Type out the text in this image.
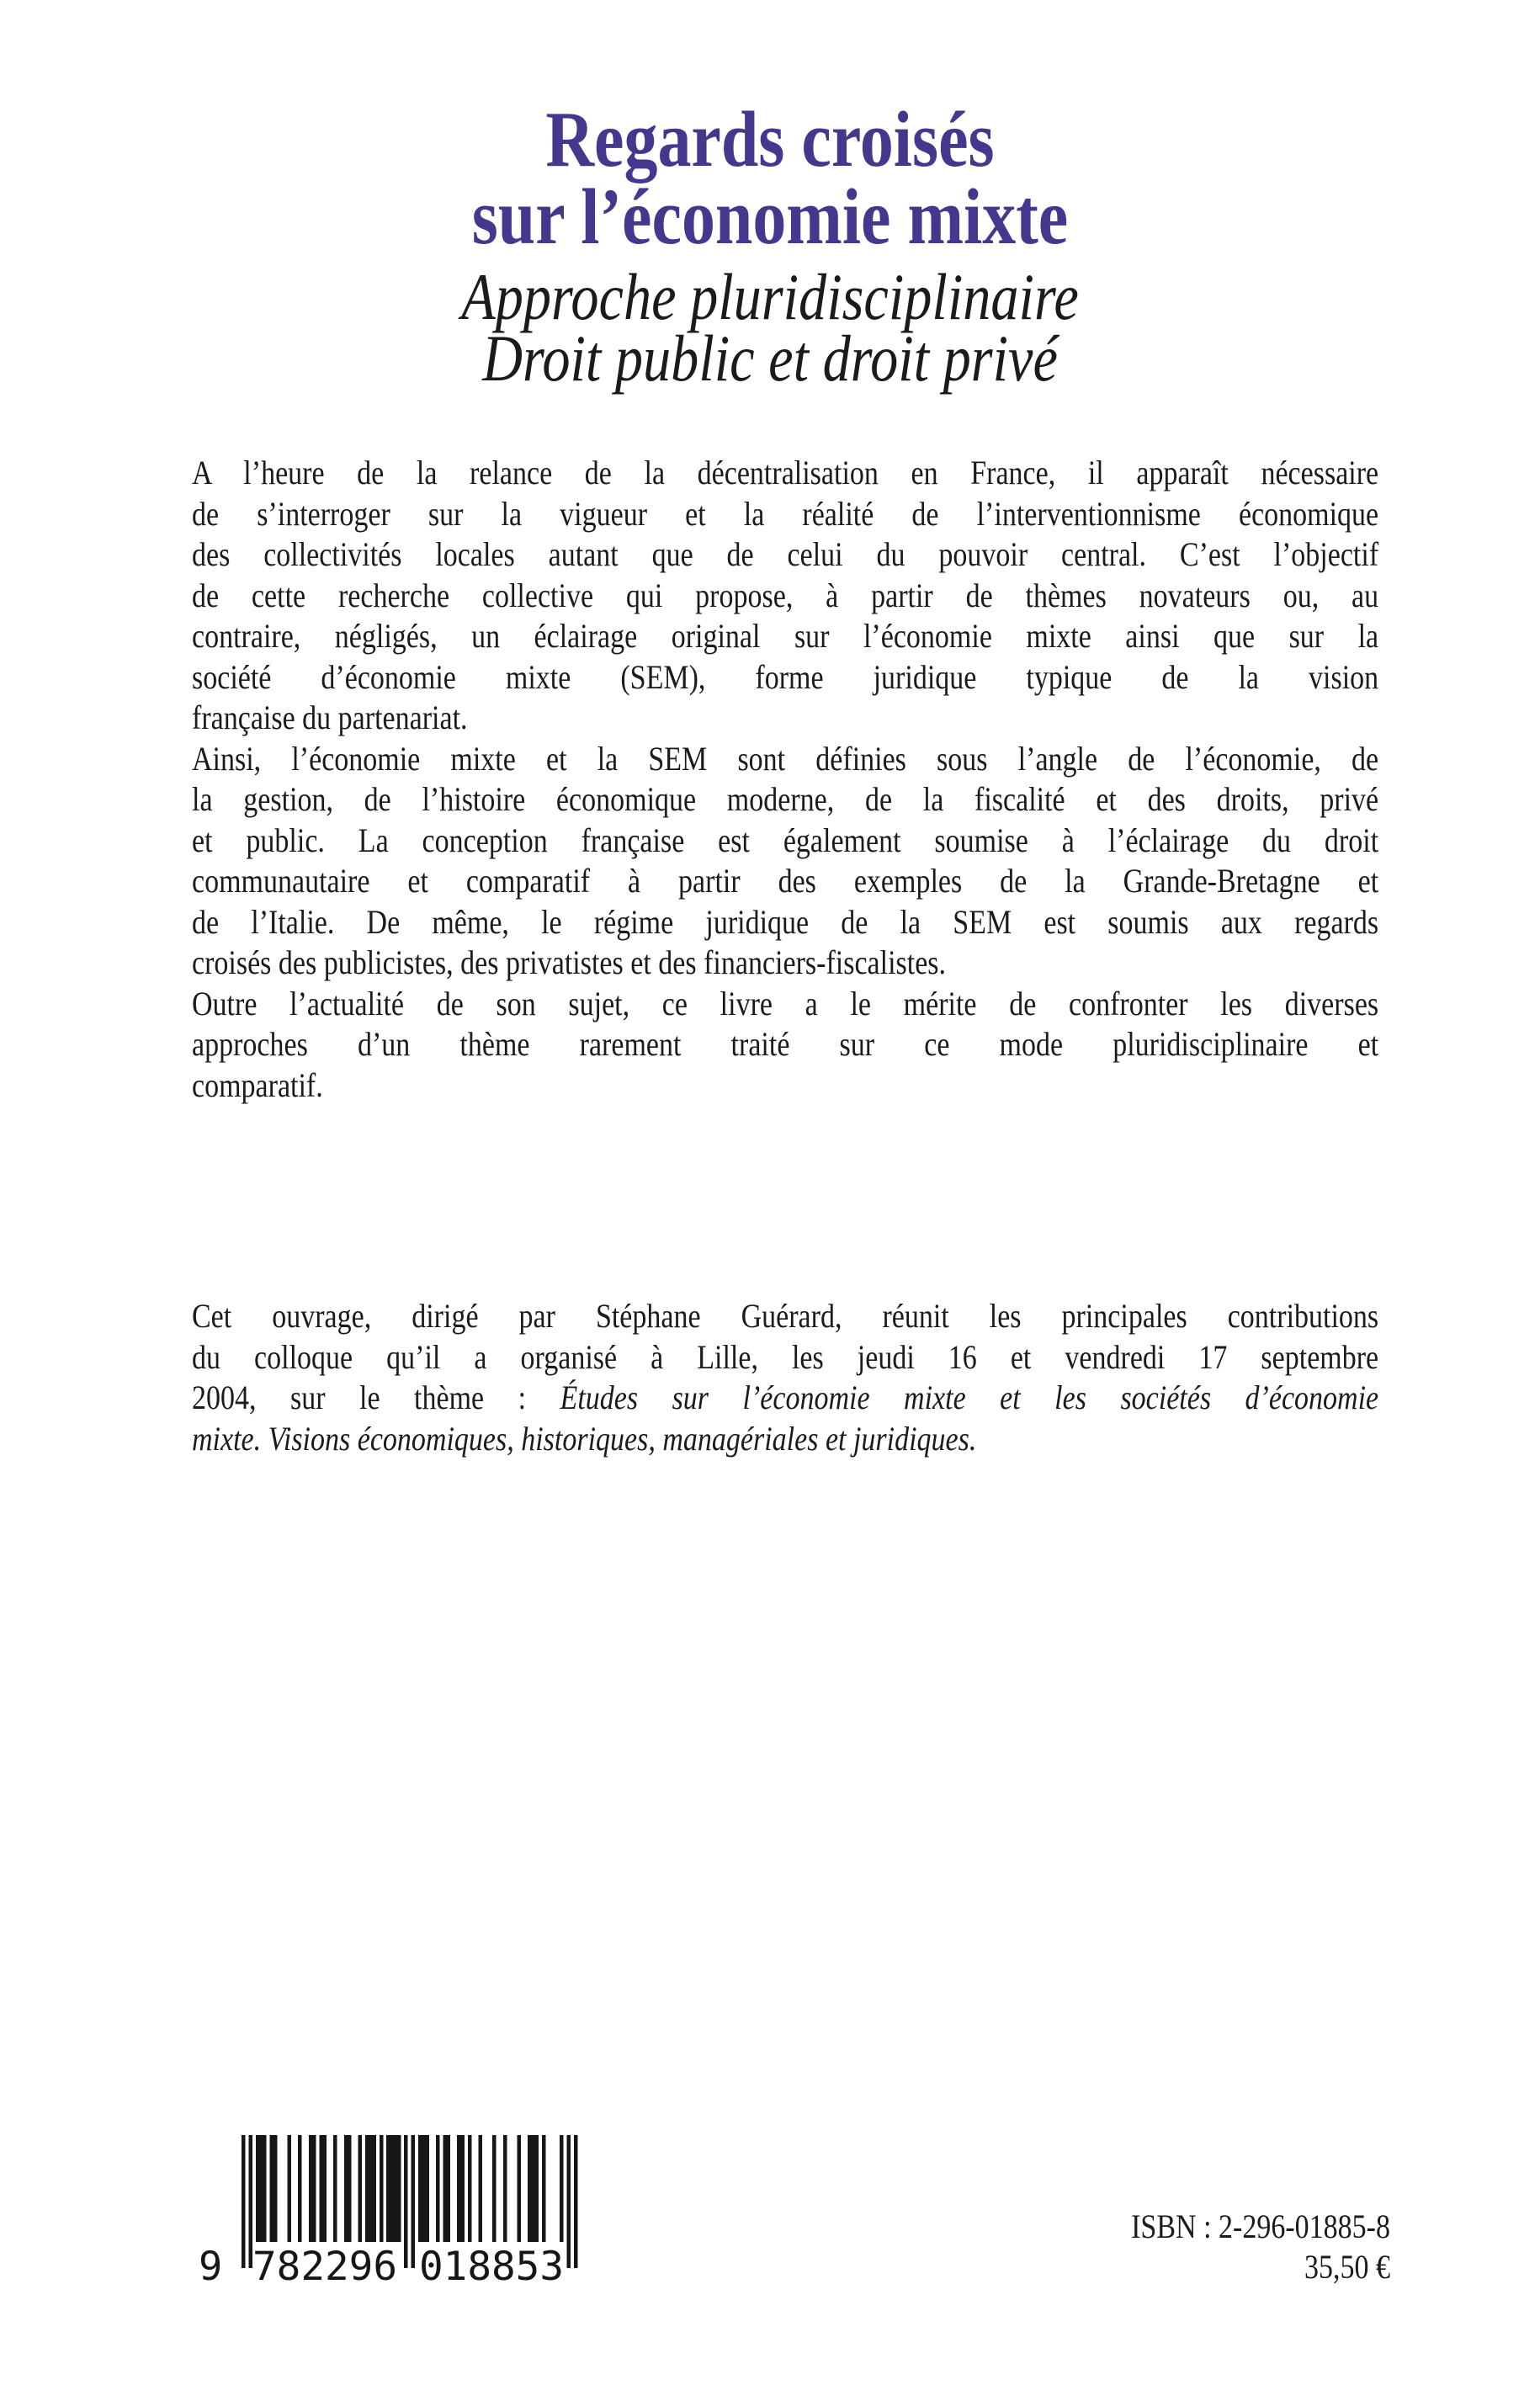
Regards croisés
sur l’économie mixte
Approche pluridisciplinaire
Droit public et droit privé
A l’heure de la relance de la décentralisation en France, il apparaît nécessaire
de s’interroger sur la vigueur et la réalité de l’interventionnisme économique
des collectivités locales autant que de celui du pouvoir central. C’est l’objectif
de cette recherche collective qui propose, à partir de thèmes novateurs ou, au
contraire, négligés, un éclairage original sur l’économie mixte ainsi que sur la
société d’économie mixte (SEM), forme juridique typique de la vision
française du partenariat.
Ainsi, l’économie mixte et la SEM sont définies sous l’angle de l’économie, de
la gestion, de l’histoire économique moderne, de la fiscalité et des droits, privé
et public. La conception française est également soumise à l’éclairage du droit
communautaire et comparatif à partir des exemples de la Grande-Bretagne et
de l’Italie. De même, le régime juridique de la SEM est soumis aux regards
croisés des publicistes, des privatistes et des financiers-fiscalistes.
Outre l’actualité de son sujet, ce livre a le mérite de confronter les diverses
approches d’un thème rarement traité sur ce mode pluridisciplinaire et
comparatif.
Cet ouvrage, dirigé par Stéphane Guérard, réunit les principales contributions
du colloque qu’il a organisé à Lille, les jeudi 16 et vendredi 17 septembre
2004, sur le thème : Études sur l’économie mixte et les sociétés d’économie
mixte. Visions économiques, historiques, managériales et juridiques.
9 782296 018853
ISBN : 2-296-01885-8
35,50 €
